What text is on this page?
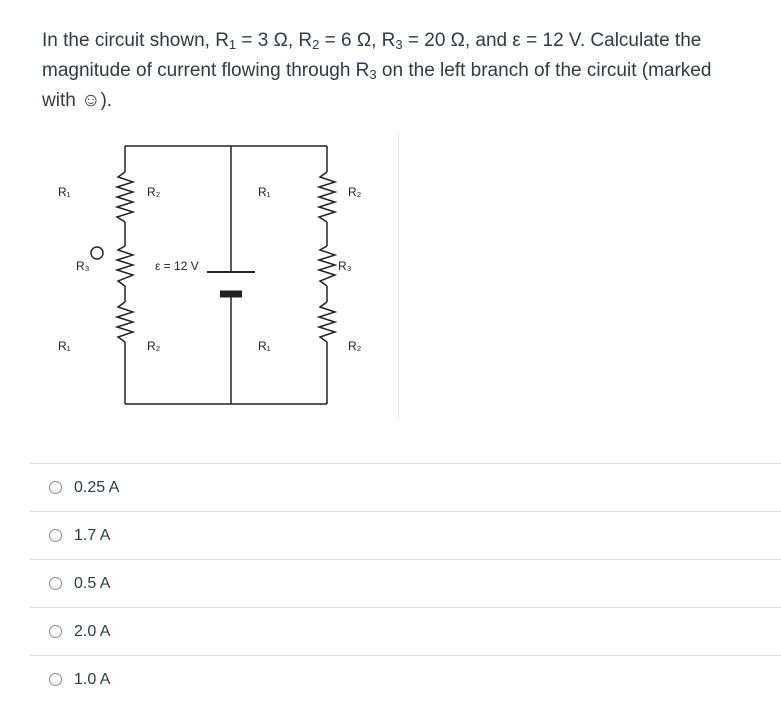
In the circuit shown, $R_1 = 3$ Ω, $R_2 = 6$ Ω, $R_3 = 20$ Ω, and ε = 12 V. Calculate the
magnitude of current flowing through $R_3$ on the left branch of the circuit (marked
with ☺).
R₁	R₂
R₃
R₁	R₂
ε = 12 V
R₁	R₂
R₃
R₁	R₂
0.25 A
1.7 A
0.5 A
2.0 A
1.0 A
